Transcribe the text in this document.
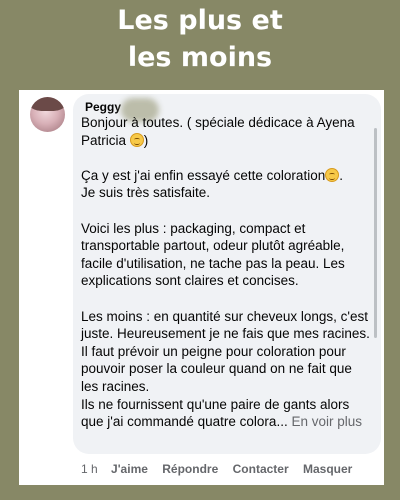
Les plus et
les moins
Peggy

Bonjour à toutes. ( spéciale dédicace à Ayena Patricia )

Ça y est j'ai enfin essayé cette coloration .
Je suis très satisfaite.

Voici les plus : packaging, compact et transportable partout, odeur plutôt agréable, facile d'utilisation, ne tache pas la peau. Les explications sont claires et concises.

Les moins : en quantité sur cheveux longs, c'est juste. Heureusement je ne fais que mes racines.
Il faut prévoir un peigne pour coloration pour pouvoir poser la couleur quand on ne fait que les racines.
Ils ne fournissent qu'une paire de gants alors que j'ai commandé quatre colora... En voir plus

1 h J'aime Répondre Contacter Masquer
